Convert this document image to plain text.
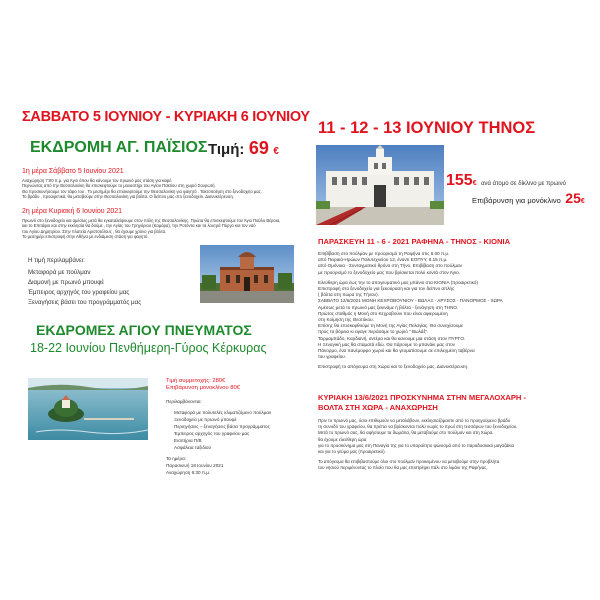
ΣΑΒΒΑΤΟ 5 ΙΟΥΝΙΟΥ - ΚΥΡΙΑΚΗ 6 ΙΟΥΝΙΟΥ
ΕΚΔΡΟΜΗ ΑΓ. ΠΑΪΣΙΟΣ Τιμή: 69 €
1η μέρα Σάββατο 5 Ιουνίου 2021
Αναχώρηση 7:00 π.μ. για Άγιο όπου θα κάνουμε τον πρωινό μας στάση για καφέ.
Περνώντας από την Θεσσαλονίκη θα επισκεφτούμε το μοναστήρι του Αγίου Παϊσίου στη χωριό Σουρωτή.
Θα προσκυνήσουμε τον τάφο του . Το μεσημέρι θα επισκεφτούμε την Θεσσαλονίκη για φαγητό . Τακτοποίηση στο ξενοδοχείο μας.
Το βράδυ , προαιρετικά, θα μεταβούμε στην Θεσσαλονίκη για βόλτα. Ο δείπνο μας στο ξενοδοχείο. Διανυκτέρευση.
2η μέρα Κυριακή 6 Ιουνίου 2021
Πρωινό στο ξενοδοχείο και αμέσως μετά θα εγκαταλείψουμε στον πόλη της Θεσσαλονίκης. Πρώτα θα επισκεφτούμε τον Άγιο Παύλο Βέροια,
και το Επιτάφιο και στην εκκλησία θα δούμε , την Αγίας του Γρηγόριου (Καμάρα), την Ροτόντα και τα λουτρά Πύργο και τον ναό
του Αγίου Δημητρίου. Στην πλατεία Αριστοτέλους , θα έχουμε χρόνο για βόλτα.
Το μεσημέρι επιστροφή στην Αθήνα με ενδιάμεση στάση για φαγητό.
Η τιμή περιλαμβάνει:
Μεταφορά με πούλμαν
Διαμονή με πρωινό μπουφέ
Έμπειρος αρχηγός του γραφείου μας
Ξεναγήσεις βάσει του προγράμματός μας
ΕΚΔΡΟΜΕΣ ΑΓΙΟΥ ΠΝΕΥΜΑΤΟΣ
18-22 Ιουνίου Πενθήμερη-Γύρος Κέρκυρας
Τιμή συμμετοχής: 280€
Επιβάρυνση μονοκλίνου 80€
Περιλαμβάνονται:
Μεταφορά με πολυτελές κλιματιζόμενο πούλμαν
Ξενοδοχείο με πρωινό μπουφέ
Περιηγήσεις – ξεναγήσεις βάσει προγράμματος
Έμπειρος αρχηγός του γραφείου μας
Εισιτήρια Π/Β
Ασφάλεια ταξιδιού
Τα ημέρα:
Παρασκευή 18 Ιουνίου 2021
Αναχώρηση 6:30 π.μ.
11 - 12 - 13 ΙΟΥΝΙΟΥ ΤΗΝΟΣ
155€ ανά άτομο σε δίκλινο με πρωινό
Επιβάρυνση για μονόκλινο 25€
ΠΑΡΑΣΚΕΥΗ 11 - 6 - 2021 ΡΑΦΗΝΑ - ΤΗΝΟΣ - ΚΙΟΝΙΑ
Επιβίβαση στο πούλμαν με προορισμό τη Ραφήνα στις 6.00 π.μ.
από Πειραιά-Ηρώων Πολυτεχνείου 12, έναντι ΕΟΠΥΥ, 6.15 π.μ.
από Ομόνοια - Συνταγματικό θρόνο στη Τήνο. Επιβίβαση στο πούλμαν
με προορισμό το ξενοδοχείο μας που βρίσκεται πολύ κοντά στον Άγιο.
Ελεύθερη ώρα έως την το απογευματινό μας μπάνιο στα ΚΙΟΝΙΑ (προαιρετικό)
Επιστροφή στο ξενοδοχείο για ξεκούραση και για τον δείπνο απλής
( βόλτα στη Χώρα της Τήνου).
ΣΑΒΒΑΤΟ 12/6/2021 ΜΟΝΗ ΚΕΧΡΟΒΟΥΝΙΟΥ - ΒΩΛΑΞ - ΑΡΥΣΟΣ - ΠΑΝΟΡΜΟΣ - ΧΩΡΑ
Αμέσως μετά το πρωινό μας ξεκινάμε ή βόλτα - ξενάγηση στη ΤΗΝΟ.
Πρώτος σταθμός η Μονή στο Κεχροβούνι που είναι αφιερωμένη
στη Κοίμηση της Θεοτόκου.
Επίσης θα επισκεφθούμε τη Μονή της Αγίας Πελαγίας. Θα συνεχίσουμε
προς τα βόρεια κι εφαγε περάσαμε το χωριό " Βωλάξ".
Ταρμαμπάδο, Καρδιανή, αντέρα και θα κανουμε μια στάση στον ΠΥΡΓΟ.
Η Ξεναγική μας θα σταματά εδώ. Θα πάρουμε το μπανάκι μας στον
Πάνορμο, ένα πανέμορφο χωριό και θα γευματίσουμε σε επιλεγμένη ταβέρνα
του γραφείου.
Επιστροφή το απόγευμα στη Χώρα και το ξενοδοχείο μας. Διανυκτέρευση.
ΚΥΡΙΑΚΗ 13/6/2021 ΠΡΟΣΚΥΝΗΜΑ ΣΤΗΝ ΜΕΓΑΛΟΧΑΡΗ -
ΒΟΛΤΑ ΣΤΗ ΧΩΡΑ - ΑΝΑΧΩΡΗΣΗ
Πριν το πρωινό μας, όσοι επιθυμούν να μεταλάβουν, εκκλησιαζόμαστε από το προηγούμενο βράδυ
τη συνοδό του γραφείου, θα πρέπει να βρίσκονται πολύ νωρίς το πρωί στη τεσσάρων του ξενοδοχείου.
Μετά το πρωινό σας, θα αφήσουμε τα δωμάτια, θα μεταβούμε στο πούλμαν και στη Χώρα.
θα έχουμε ελεύθερη ώρα
για το προσκύνημα μας στη Παναγία της για το υπαραίτητο ψώνισμά από το παραδοσιακό μαγαζάκια
και για το γεύμα μας (προαιρετικό).
Το απόγευμα θα επιβιβαστούμε όλοι στο πούλμαν προκειμένου να μεταβούμε στην προβλήτα
του νησιού περιμένοντας το πλοίο που θα μας επιστρέψει πάλι στο λιμάνι της Ραφήνας.
